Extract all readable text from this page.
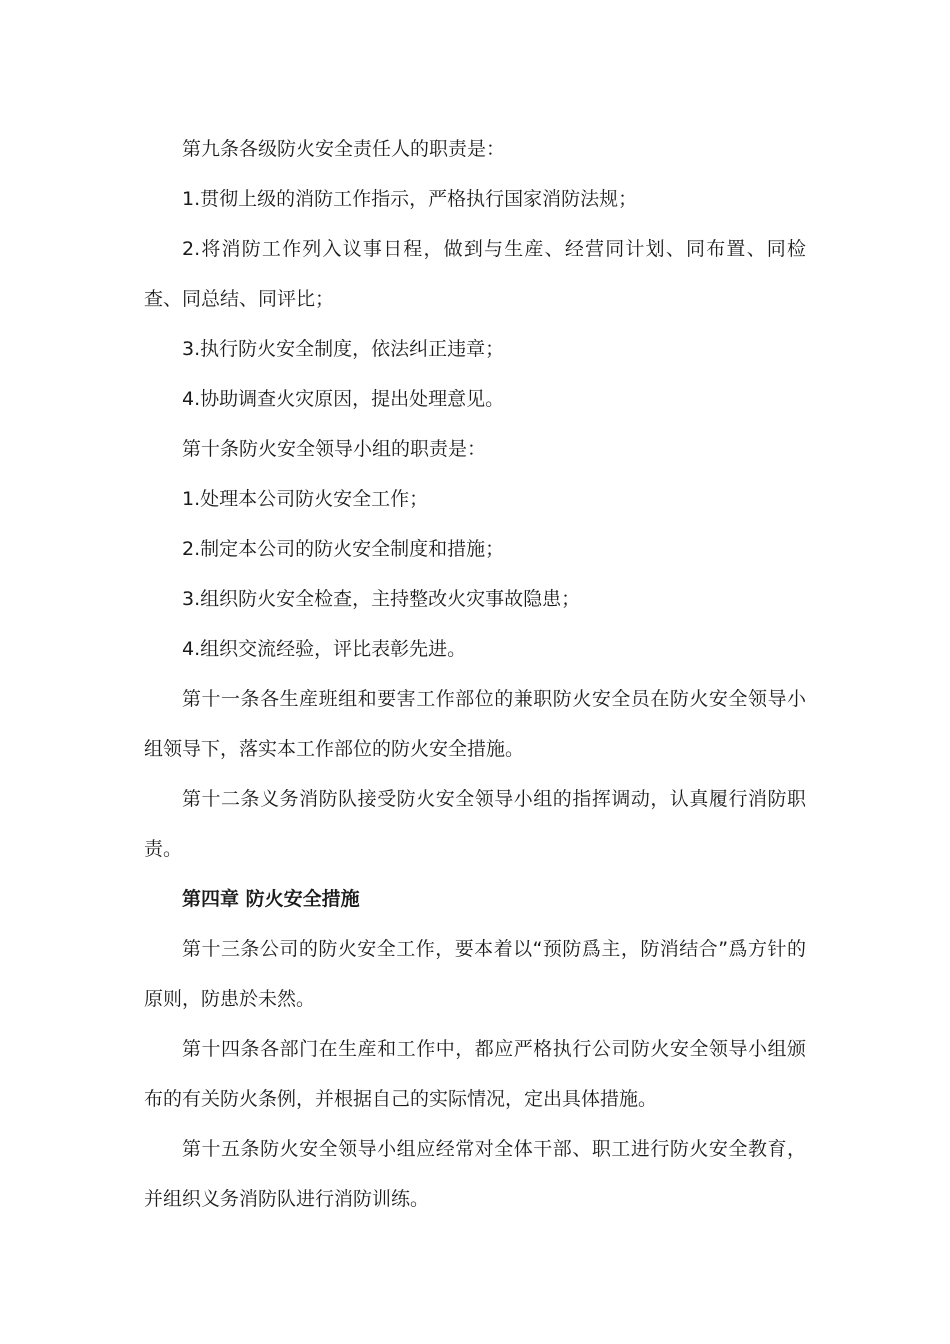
第九条各级防火安全责任人的职责是：

1.贯彻上级的消防工作指示，严格执行国家消防法规；

2.将消防工作列入议事日程，做到与生産、经营同计划、同布置、同检查、同总结、同评比；

3.执行防火安全制度，依法纠正违章；

4.协助调查火灾原因，提出处理意见。

第十条防火安全领导小组的职责是：

1.处理本公司防火安全工作；

2.制定本公司的防火安全制度和措施；

3.组织防火安全检查，主持整改火灾事故隐患；

4.组织交流经验，评比表彰先进。

第十一条各生産班组和要害工作部位的兼职防火安全员在防火安全领导小组领导下，落实本工作部位的防火安全措施。

第十二条义务消防队接受防火安全领导小组的指挥调动，认真履行消防职责。

第四章 防火安全措施

第十三条公司的防火安全工作，要本着以“预防爲主，防消结合”爲方针的原则，防患於未然。

第十四条各部门在生産和工作中，都应严格执行公司防火安全领导小组颁布的有关防火条例，并根据自己的实际情况，定出具体措施。

第十五条防火安全领导小组应经常对全体干部、职工进行防火安全教育，并组织义务消防队进行消防训练。
